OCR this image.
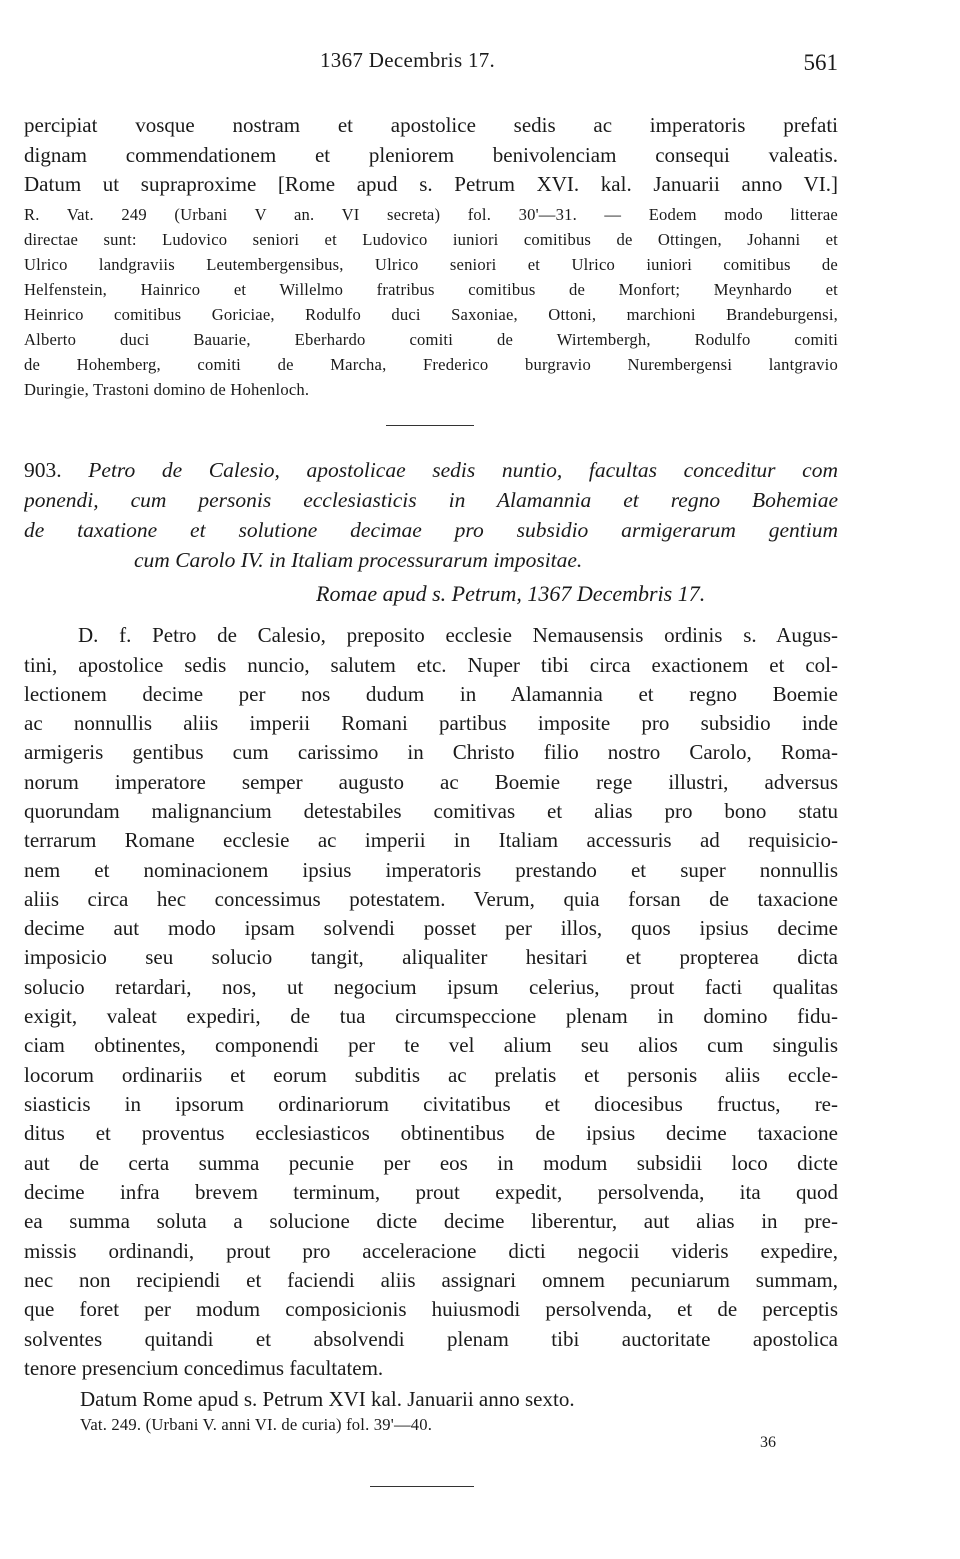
1367 Decembris 17.	561
percipiat vosque nostram et apostolice sedis ac imperatoris prefati
dignam commendationem et pleniorem benivolenciam consequi valeatis.
Datum ut supraproxime [Rome apud s. Petrum XVI. kal. Januarii anno VI.]
R. Vat. 249 (Urbani V an. VI secreta) fol. 30'—31. — Eodem modo litterae
directae sunt: Ludovico seniori et Ludovico iuniori comitibus de Ottingen, Johanni et
Ulrico landgraviis Leutembergensibus, Ulrico seniori et Ulrico iuniori comitibus de
Helfenstein, Hainrico et Willelmo fratribus comitibus de Monfort; Meynhardo et
Heinrico comitibus Goriciae, Rodulfo duci Saxoniae, Ottoni, marchioni Brandeburgensi,
Alberto duci Bauarie, Eberhardo comiti de Wirtembergh, Rodulfo comiti
de Hohemberg, comiti de Marcha, Frederico burgravio Nurembergensi lantgravio
Duringie, Trastoni domino de Hohenloch.
903. Petro de Calesio, apostolicae sedis nuntio, facultas conceditur com
ponendi, cum personis ecclesiasticis in Alamannia et regno Bohemiae
de taxatione et solutione decimae pro subsidio armigerarum gentium
cum Carolo IV. in Italiam processurarum impositae.
Romae apud s. Petrum, 1367 Decembris 17.
D. f. Petro de Calesio, preposito ecclesie Nemausensis ordinis s. Augus-
tini, apostolice sedis nuncio, salutem etc. Nuper tibi circa exactionem et col-
lectionem decime per nos dudum in Alamannia et regno Boemie
ac nonnullis aliis imperii Romani partibus imposite pro subsidio inde
armigeris gentibus cum carissimo in Christo filio nostro Carolo, Roma-
norum imperatore semper augusto ac Boemie rege illustri, adversus
quorundam malignancium detestabiles comitivas et alias pro bono statu
terrarum Romane ecclesie ac imperii in Italiam accessuris ad requisicio-
nem et nominacionem ipsius imperatoris prestando et super nonnullis
aliis circa hec concessimus potestatem. Verum, quia forsan de taxacione
decime aut modo ipsam solvendi posset per illos, quos ipsius decime
imposicio seu solucio tangit, aliqualiter hesitari et propterea dicta
solucio retardari, nos, ut negocium ipsum celerius, prout facti qualitas
exigit, valeat expediri, de tua circumspeccione plenam in domino fidu-
ciam obtinentes, componendi per te vel alium seu alios cum singulis
locorum ordinariis et eorum subditis ac prelatis et personis aliis eccle-
siasticis in ipsorum ordinariorum civitatibus et diocesibus fructus, re-
ditus et proventus ecclesiasticos obtinentibus de ipsius decime taxacione
aut de certa summa pecunie per eos in modum subsidii loco dicte
decime infra brevem terminum, prout expedit, persolvenda, ita quod
ea summa soluta a solucione dicte decime liberentur, aut alias in pre-
missis ordinandi, prout pro acceleracione dicti negocii videris expedire,
nec non recipiendi et faciendi aliis assignari omnem pecuniarum summam,
que foret per modum composicionis huiusmodi persolvenda, et de perceptis
solventes quitandi et absolvendi plenam tibi auctoritate apostolica
tenore presencium concedimus facultatem.
Datum Rome apud s. Petrum XVI kal. Januarii anno sexto.
Vat. 249. (Urbani V. anni VI. de curia) fol. 39'—40.
36
